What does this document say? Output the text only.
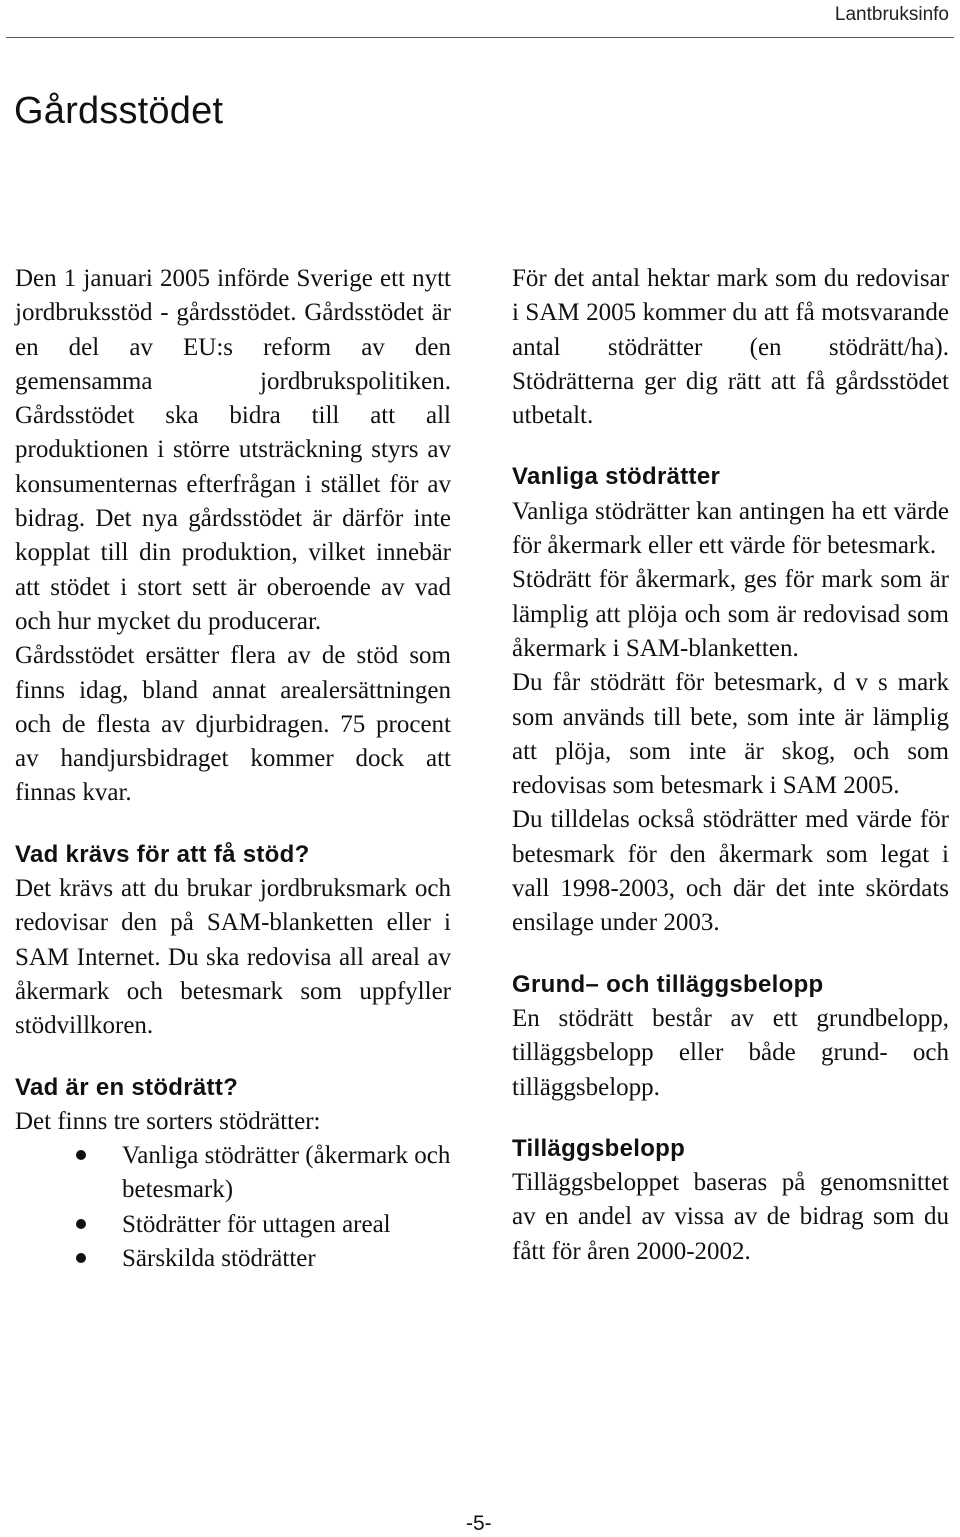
Lantbruksinfo
Gårdsstödet

Den 1 januari 2005 införde Sverige ett nytt jordbruksstöd - gårdsstödet. Gårdsstödet är en del av EU:s reform av den gemensamma jordbrukspolitiken. Gårdsstödet ska bidra till att all produktionen i större utsträckning styrs av konsumenternas efterfrågan i stället för av bidrag. Det nya gårdsstödet är därför inte kopplat till din produktion, vilket innebär att stödet i stort sett är oberoende av vad och hur mycket du producerar.

Gårdsstödet ersätter flera av de stöd som finns idag, bland annat arealersättningen och de flesta av djurbidragen. 75 procent av handjursbidraget kommer dock att finnas kvar.

Vad krävs för att få stöd?

Det krävs att du brukar jordbruksmark och redovisar den på SAM-blanketten eller i SAM Internet. Du ska redovisa all areal av åkermark och betesmark som uppfyller stödvillkoren.

Vad är en stödrätt?

Det finns tre sorters stödrätter:

Vanliga stödrätter (åkermark och betesmark)
Stödrätter för uttagen areal
Särskilda stödrätter

För det antal hektar mark som du redovisar i SAM 2005 kommer du att få motsvarande antal stödrätter (en stödrätt/ha). Stödrätterna ger dig rätt att få gårdsstödet utbetalt.

Vanliga stödrätter

Vanliga stödrätter kan antingen ha ett värde för åkermark eller ett värde för betesmark.

Stödrätt för åkermark, ges för mark som är lämplig att plöja och som är redovisad som åkermark i SAM-blanketten.

Du får stödrätt för betesmark, d v s mark som används till bete, som inte är lämplig att plöja, som inte är skog, och som redovisas som betesmark i SAM 2005.

Du tilldelas också stödrätter med värde för betesmark för den åkermark som legat i vall 1998-2003, och där det inte skördats ensilage under 2003.

Grund– och tilläggsbelopp

En stödrätt består av ett grundbelopp, tilläggsbelopp eller både grund- och tilläggsbelopp.

Tilläggsbelopp

Tilläggsbeloppet baseras på genomsnittet av en andel av vissa av de bidrag som du fått för åren 2000-2002.

-5-
